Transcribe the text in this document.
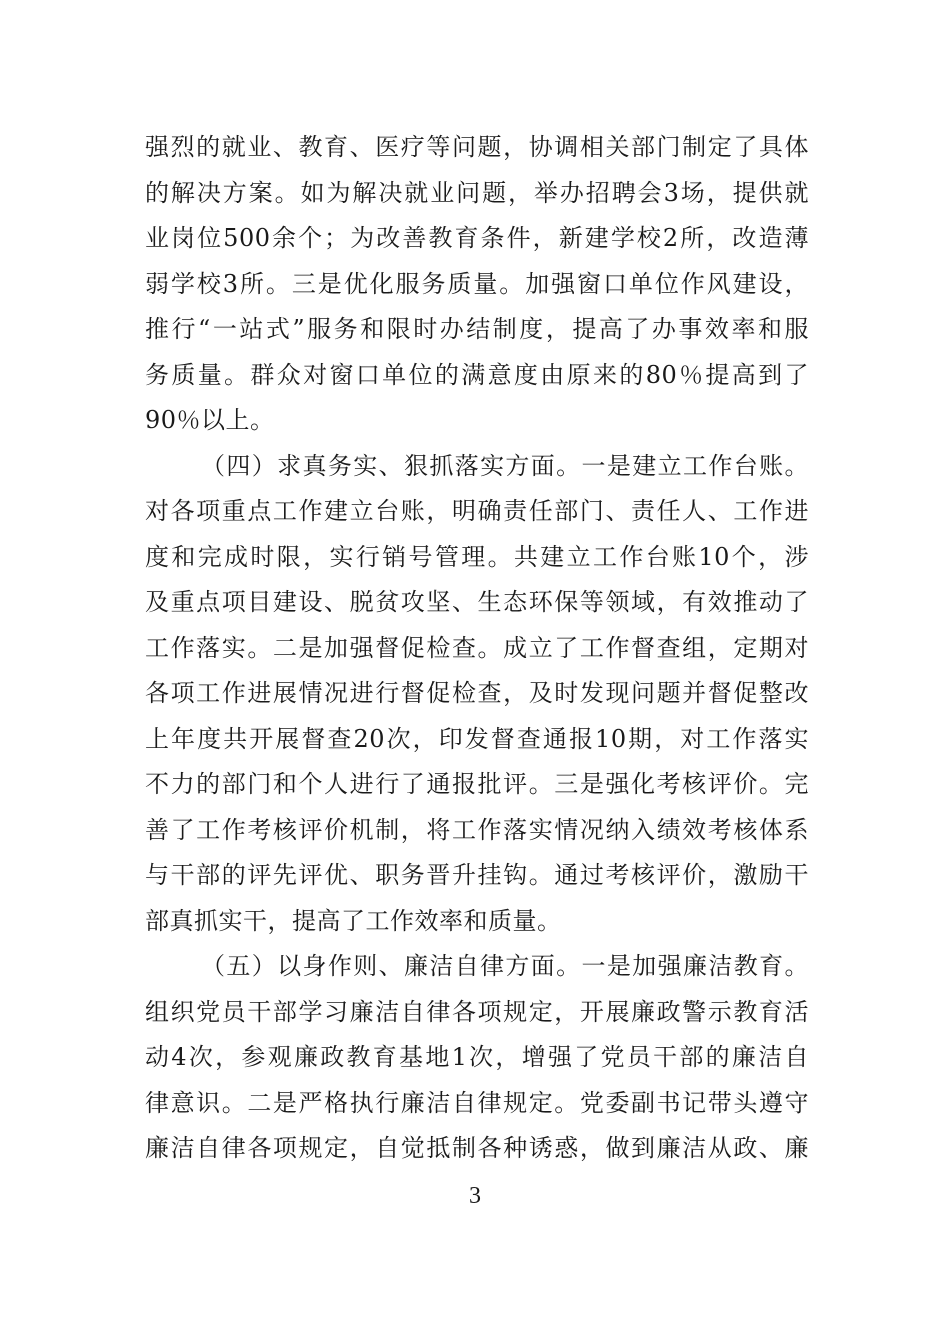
强烈的就业、教育、医疗等问题，协调相关部门制定了具体
的解决方案。如为解决就业问题，举办招聘会3场，提供就
业岗位500余个；为改善教育条件，新建学校2所，改造薄
弱学校3所。三是优化服务质量。加强窗口单位作风建设，
推行“一站式”服务和限时办结制度，提高了办事效率和服
务质量。群众对窗口单位的满意度由原来的80％提高到了
90％以上。
（四）求真务实、狠抓落实方面。一是建立工作台账。
对各项重点工作建立台账，明确责任部门、责任人、工作进
度和完成时限，实行销号管理。共建立工作台账10个，涉
及重点项目建设、脱贫攻坚、生态环保等领域，有效推动了
工作落实。二是加强督促检查。成立了工作督查组，定期对
各项工作进展情况进行督促检查，及时发现问题并督促整改
上年度共开展督查20次，印发督查通报10期，对工作落实
不力的部门和个人进行了通报批评。三是强化考核评价。完
善了工作考核评价机制，将工作落实情况纳入绩效考核体系
与干部的评先评优、职务晋升挂钩。通过考核评价，激励干
部真抓实干，提高了工作效率和质量。
（五）以身作则、廉洁自律方面。一是加强廉洁教育。
组织党员干部学习廉洁自律各项规定，开展廉政警示教育活
动4次，参观廉政教育基地1次，增强了党员干部的廉洁自
律意识。二是严格执行廉洁自律规定。党委副书记带头遵守
廉洁自律各项规定，自觉抵制各种诱惑，做到廉洁从政、廉
3
